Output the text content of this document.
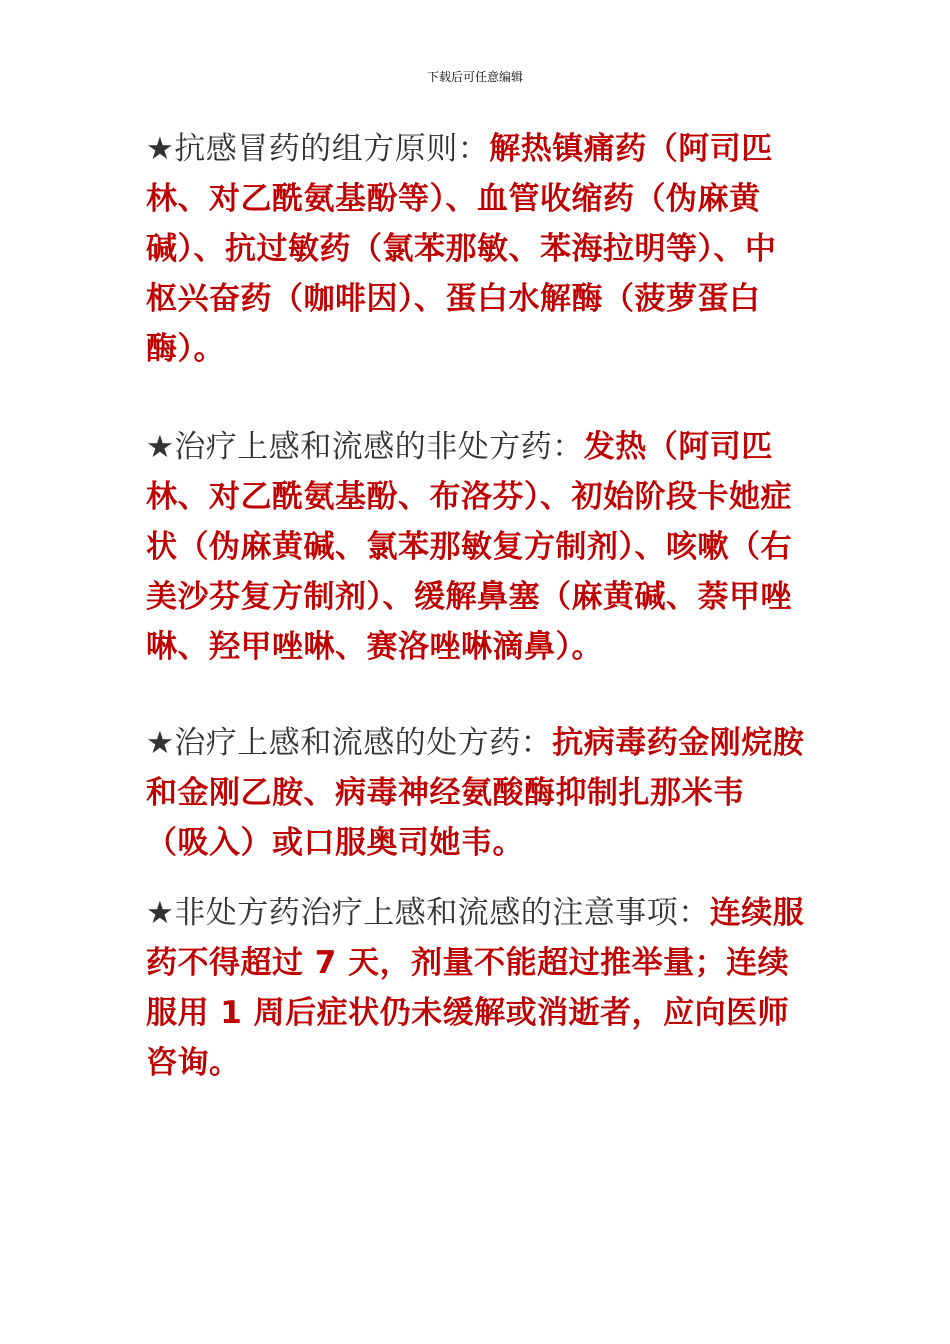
下载后可任意编辑

★抗感冒药的组方原则：解热镇痛药（阿司匹林、对乙酰氨基酚等）、血管收缩药（伪麻黄碱）、抗过敏药（氯苯那敏、苯海拉明等）、中枢兴奋药（咖啡因）、蛋白水解酶（菠萝蛋白酶）。

★治疗上感和流感的非处方药：发热（阿司匹林、对乙酰氨基酚、布洛芬）、初始阶段卡她症状（伪麻黄碱、氯苯那敏复方制剂）、咳嗽（右美沙芬复方制剂）、缓解鼻塞（麻黄碱、萘甲唑啉、羟甲唑啉、赛洛唑啉滴鼻）。

★治疗上感和流感的处方药：抗病毒药金刚烷胺和金刚乙胺、病毒神经氨酸酶抑制扎那米韦（吸入）或口服奥司她韦。

★非处方药治疗上感和流感的注意事项：连续服药不得超过 7 天，剂量不能超过推举量；连续服用 1 周后症状仍未缓解或消逝者，应向医师咨询。
